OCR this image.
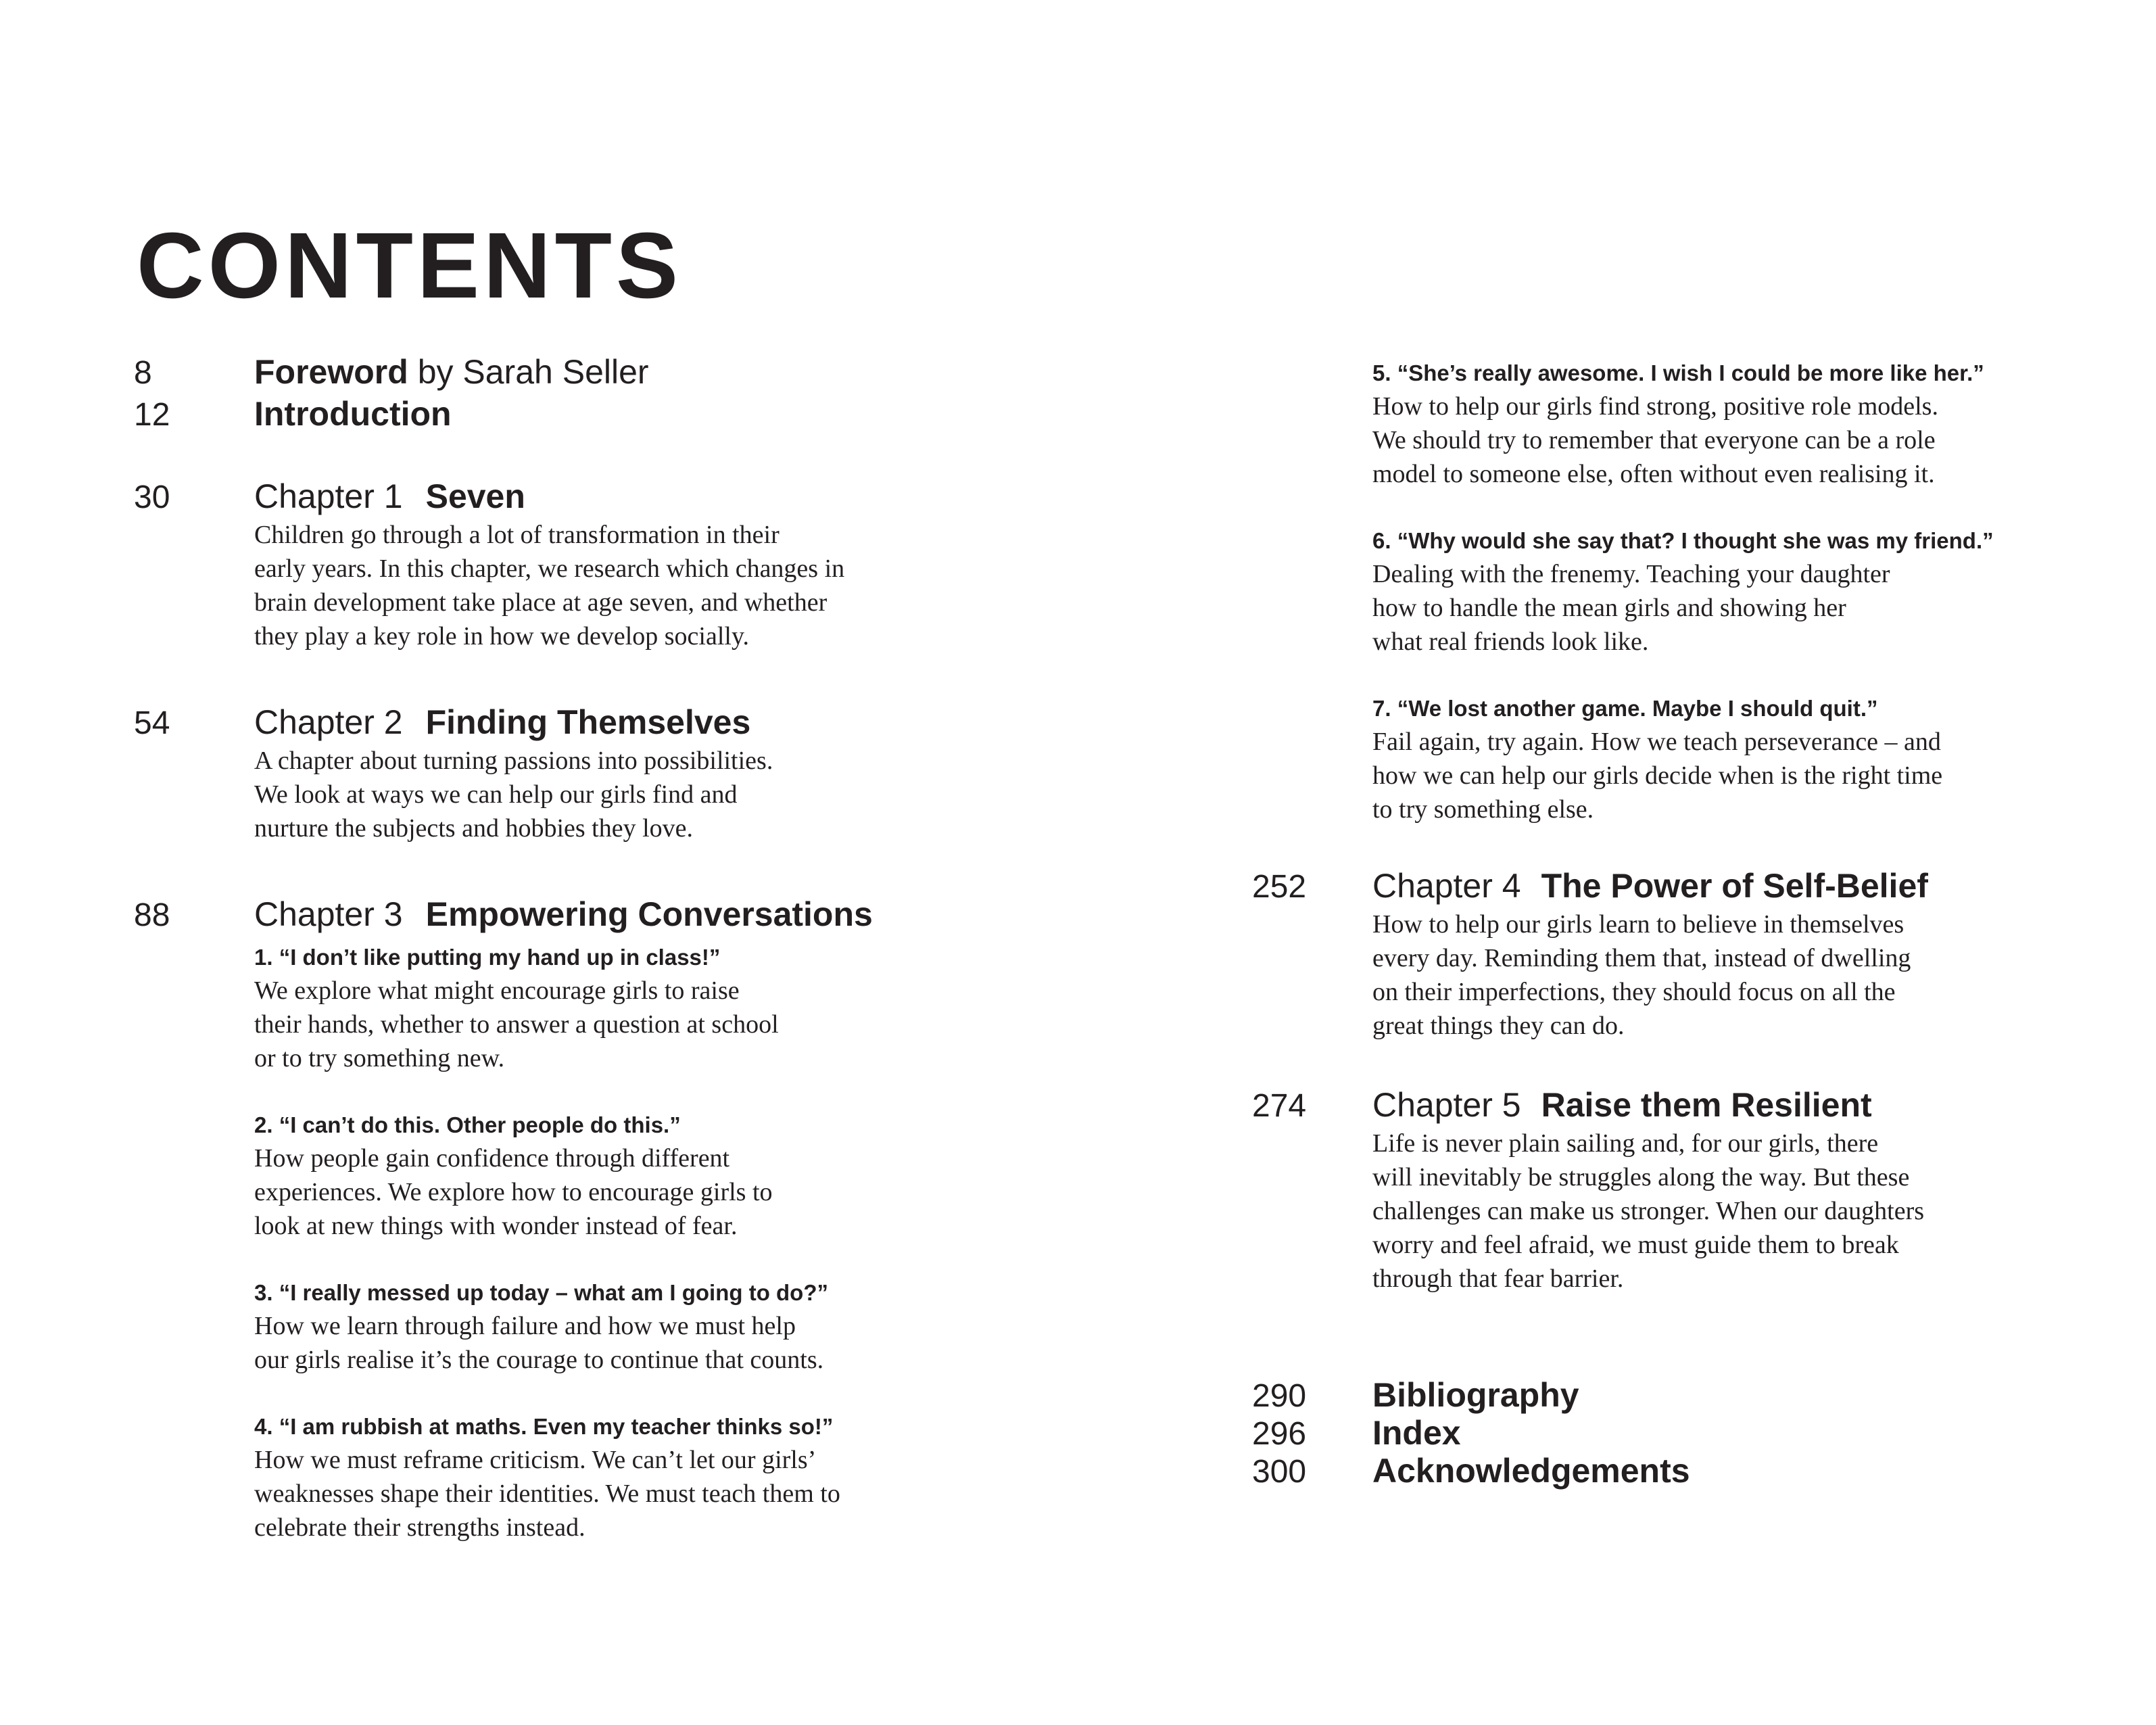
CONTENTS
8	Foreword by Sarah Seller
12	Introduction
30	Chapter 1 Seven

Children go through a lot of transformation in their

early years. In this chapter, we research which changes in

brain development take place at age seven, and whether

they play a key role in how we develop socially.

54	Chapter 2 Finding Themselves

A chapter about turning passions into possibilities.

We look at ways we can help our girls find and

nurture the subjects and hobbies they love.

88	Chapter 3 Empowering Conversations
1. “I don’t like putting my hand up in class!”

We explore what might encourage girls to raise

their hands, whether to answer a question at school

or to try something new.

2. “I can’t do this. Other people do this.”

How people gain confidence through different

experiences. We explore how to encourage girls to

look at new things with wonder instead of fear.

3. “I really messed up today – what am I going to do?”

How we learn through failure and how we must help

our girls realise it’s the courage to continue that counts.

4. “I am rubbish at maths. Even my teacher thinks so!”

How we must reframe criticism. We can’t let our girls’

weaknesses shape their identities. We must teach them to

celebrate their strengths instead.

5. “She’s really awesome. I wish I could be more like her.”

How to help our girls find strong, positive role models.

We should try to remember that everyone can be a role

model to someone else, often without even realising it.

6. “Why would she say that? I thought she was my friend.”

Dealing with the frenemy. Teaching your daughter

how to handle the mean girls and showing her

what real friends look like.

7. “We lost another game. Maybe I should quit.”

Fail again, try again. How we teach perseverance – and

how we can help our girls decide when is the right time

to try something else.

252	Chapter 4 The Power of Self-Belief

How to help our girls learn to believe in themselves

every day. Reminding them that, instead of dwelling

on their imperfections, they should focus on all the

great things they can do.

274	Chapter 5 Raise them Resilient

Life is never plain sailing and, for our girls, there

will inevitably be struggles along the way. But these

challenges can make us stronger. When our daughters

worry and feel afraid, we must guide them to break

through that fear barrier.

290	Bibliography
296	Index
300	Acknowledgements
